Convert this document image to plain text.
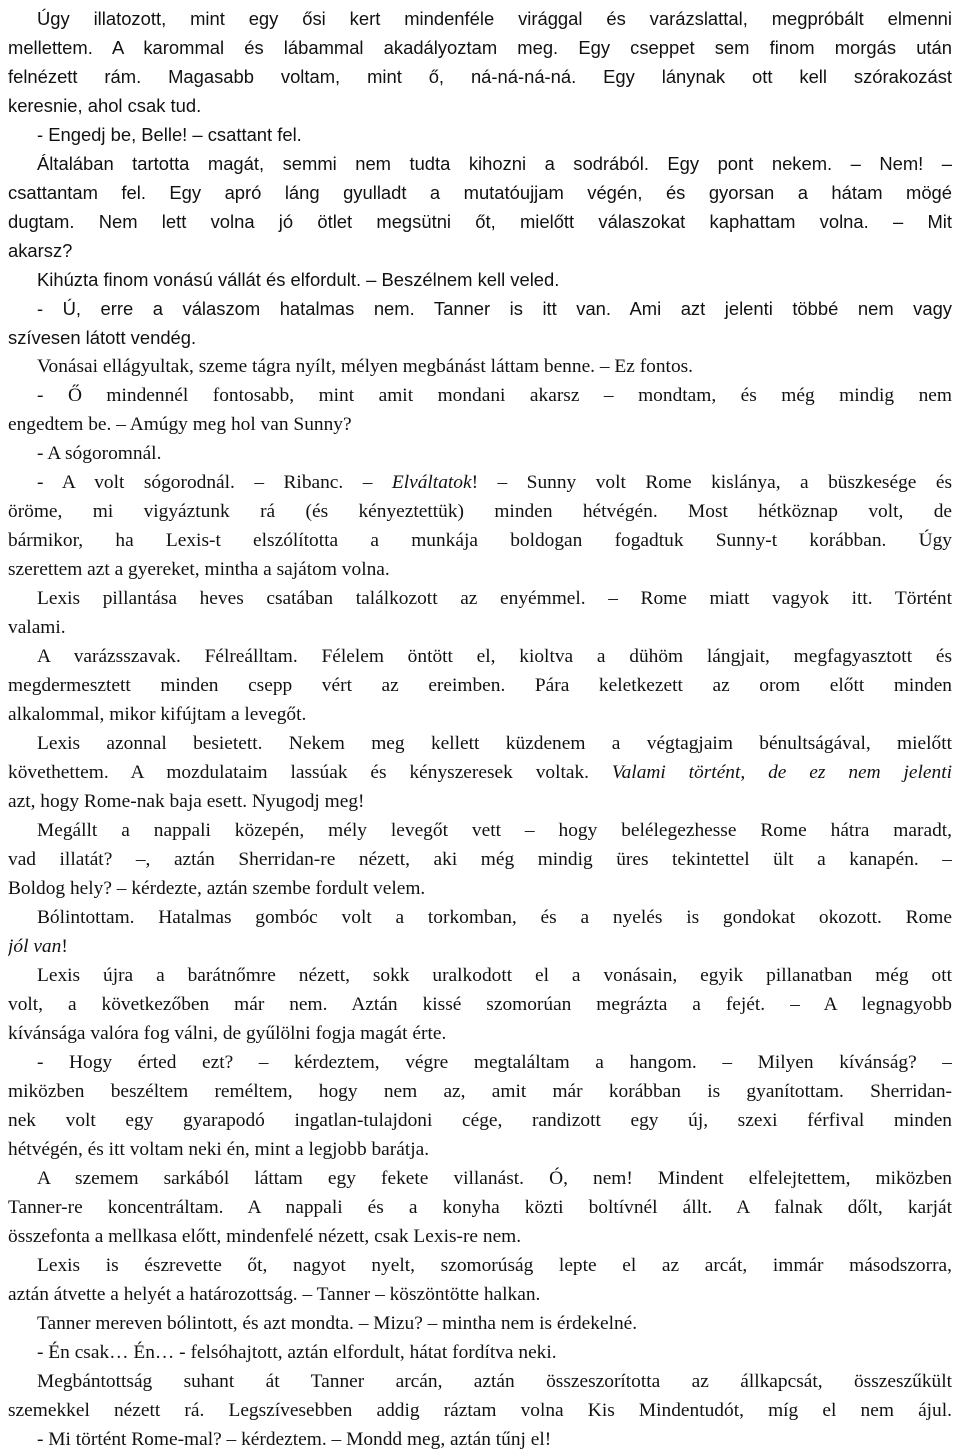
Úgy illatozott, mint egy ősi kert mindenféle virággal és varázslattal, megpróbált elmenni
mellettem. A karommal és lábammal akadályoztam meg. Egy cseppet sem finom morgás után
felnézett rám. Magasabb voltam, mint ő, ná-ná-ná-ná. Egy lánynak ott kell szórakozást
keresnie, ahol csak tud.
- Engedj be, Belle! – csattant fel.
Általában tartotta magát, semmi nem tudta kihozni a sodrából. Egy pont nekem. – Nem! –
csattantam fel. Egy apró láng gyulladt a mutatóujjam végén, és gyorsan a hátam mögé
dugtam. Nem lett volna jó ötlet megsütni őt, mielőtt válaszokat kaphattam volna. – Mit
akarsz?
Kihúzta finom vonású vállát és elfordult. – Beszélnem kell veled.
- Ú, erre a válaszom hatalmas nem. Tanner is itt van. Ami azt jelenti többé nem vagy
szívesen látott vendég.
Vonásai ellágyultak, szeme tágra nyílt, mélyen megbánást láttam benne. – Ez fontos.
- Ő mindennél fontosabb, mint amit mondani akarsz – mondtam, és még mindig nem
engedtem be. – Amúgy meg hol van Sunny?
- A sógoromnál.
- A volt sógorodnál. – Ribanc. – Elváltatok! – Sunny volt Rome kislánya, a büszkesége és
öröme, mi vigyáztunk rá (és kényeztettük) minden hétvégén. Most hétköznap volt, de
bármikor, ha Lexis-t elszólította a munkája boldogan fogadtuk Sunny-t korábban. Úgy
szerettem azt a gyereket, mintha a sajátom volna.
Lexis pillantása heves csatában találkozott az enyémmel. – Rome miatt vagyok itt. Történt
valami.
A varázsszavak. Félreálltam. Félelem öntött el, kioltva a dühöm lángjait, megfagyasztott és
megdermesztett minden csepp vért az ereimben. Pára keletkezett az orom előtt minden
alkalommal, mikor kifújtam a levegőt.
Lexis azonnal besietett. Nekem meg kellett küzdenem a végtagjaim bénultságával, mielőtt
követhettem. A mozdulataim lassúak és kényszeresek voltak. Valami történt, de ez nem jelenti
azt, hogy Rome-nak baja esett. Nyugodj meg!
Megállt a nappali közepén, mély levegőt vett – hogy belélegezhesse Rome hátra maradt,
vad illatát? –, aztán Sherridan-re nézett, aki még mindig üres tekintettel ült a kanapén. –
Boldog hely? – kérdezte, aztán szembe fordult velem.
Bólintottam. Hatalmas gombóc volt a torkomban, és a nyelés is gondokat okozott. Rome
jól van!
Lexis újra a barátnőmre nézett, sokk uralkodott el a vonásain, egyik pillanatban még ott
volt, a következőben már nem. Aztán kissé szomorúan megrázta a fejét. – A legnagyobb
kívánsága valóra fog válni, de gyűlölni fogja magát érte.
- Hogy érted ezt? – kérdeztem, végre megtaláltam a hangom. – Milyen kívánság? –
miközben beszéltem reméltem, hogy nem az, amit már korábban is gyanítottam. Sherridan-
nek volt egy gyarapodó ingatlan-tulajdoni cége, randizott egy új, szexi férfival minden
hétvégén, és itt voltam neki én, mint a legjobb barátja.
A szemem sarkából láttam egy fekete villanást. Ó, nem! Mindent elfelejtettem, miközben
Tanner-re koncentráltam. A nappali és a konyha közti boltívnél állt. A falnak dőlt, karját
összefonta a mellkasa előtt, mindenfelé nézett, csak Lexis-re nem.
Lexis is észrevette őt, nagyot nyelt, szomorúság lepte el az arcát, immár másodszorra,
aztán átvette a helyét a határozottság. – Tanner – köszöntötte halkan.
Tanner mereven bólintott, és azt mondta. – Mizu? – mintha nem is érdekelné.
- Én csak… Én… - felsóhajtott, aztán elfordult, hátat fordítva neki.
Megbántottság suhant át Tanner arcán, aztán összeszorította az állkapcsát, összeszűkült
szemekkel nézett rá. Legszívesebben addig ráztam volna Kis Mindentudót, míg el nem ájul.
- Mi történt Rome-mal? – kérdeztem. – Mondd meg, aztán tűnj el!
